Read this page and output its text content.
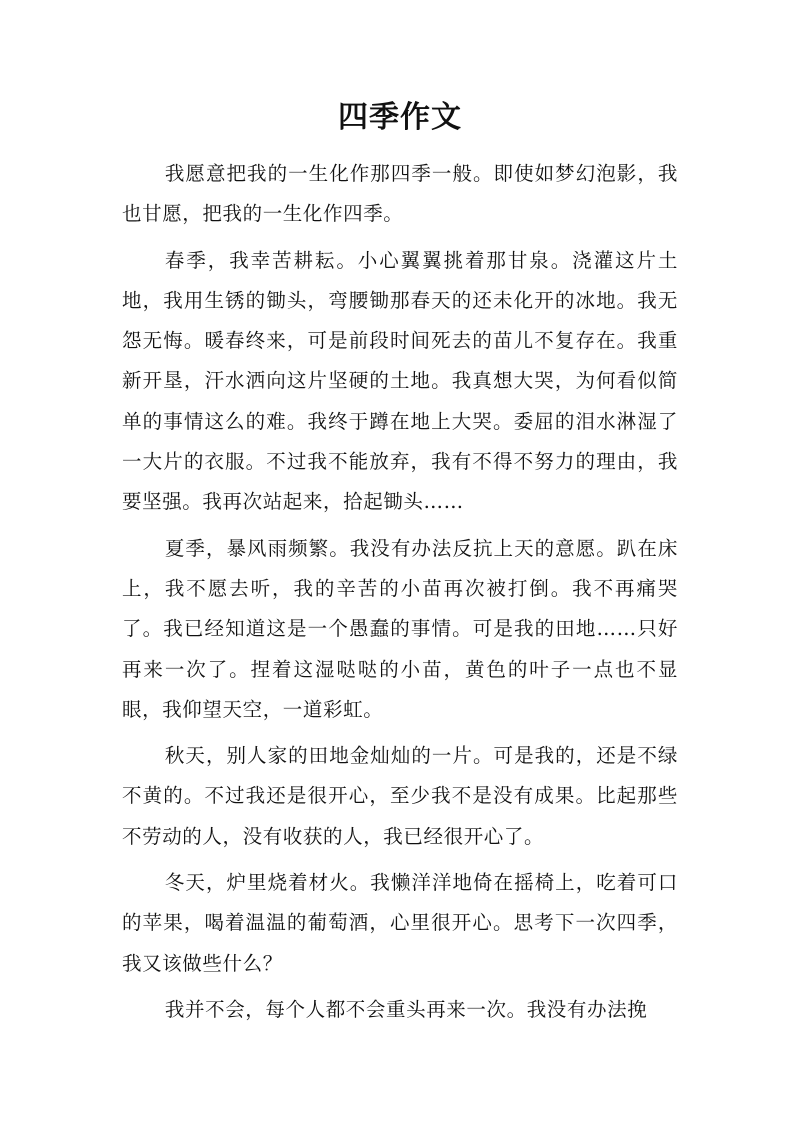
四季作文

我愿意把我的一生化作那四季一般。即使如梦幻泡影，我也甘愿，把我的一生化作四季。

春季，我幸苦耕耘。小心翼翼挑着那甘泉。浇灌这片土地，我用生锈的锄头，弯腰锄那春天的还未化开的冰地。我无怨无悔。暖春终来，可是前段时间死去的苗儿不复存在。我重新开垦，汗水洒向这片坚硬的土地。我真想大哭，为何看似简单的事情这么的难。我终于蹲在地上大哭。委屈的泪水淋湿了一大片的衣服。不过我不能放弃，我有不得不努力的理由，我要坚强。我再次站起来，拾起锄头……

夏季，暴风雨频繁。我没有办法反抗上天的意愿。趴在床上，我不愿去听，我的辛苦的小苗再次被打倒。我不再痛哭了。我已经知道这是一个愚蠢的事情。可是我的田地……只好再来一次了。捏着这湿哒哒的小苗，黄色的叶子一点也不显眼，我仰望天空，一道彩虹。

秋天，别人家的田地金灿灿的一片。可是我的，还是不绿不黄的。不过我还是很开心，至少我不是没有成果。比起那些不劳动的人，没有收获的人，我已经很开心了。

冬天，炉里烧着材火。我懒洋洋地倚在摇椅上，吃着可口的苹果，喝着温温的葡萄酒，心里很开心。思考下一次四季，我又该做些什么？

我并不会，每个人都不会重头再来一次。我没有办法挽
